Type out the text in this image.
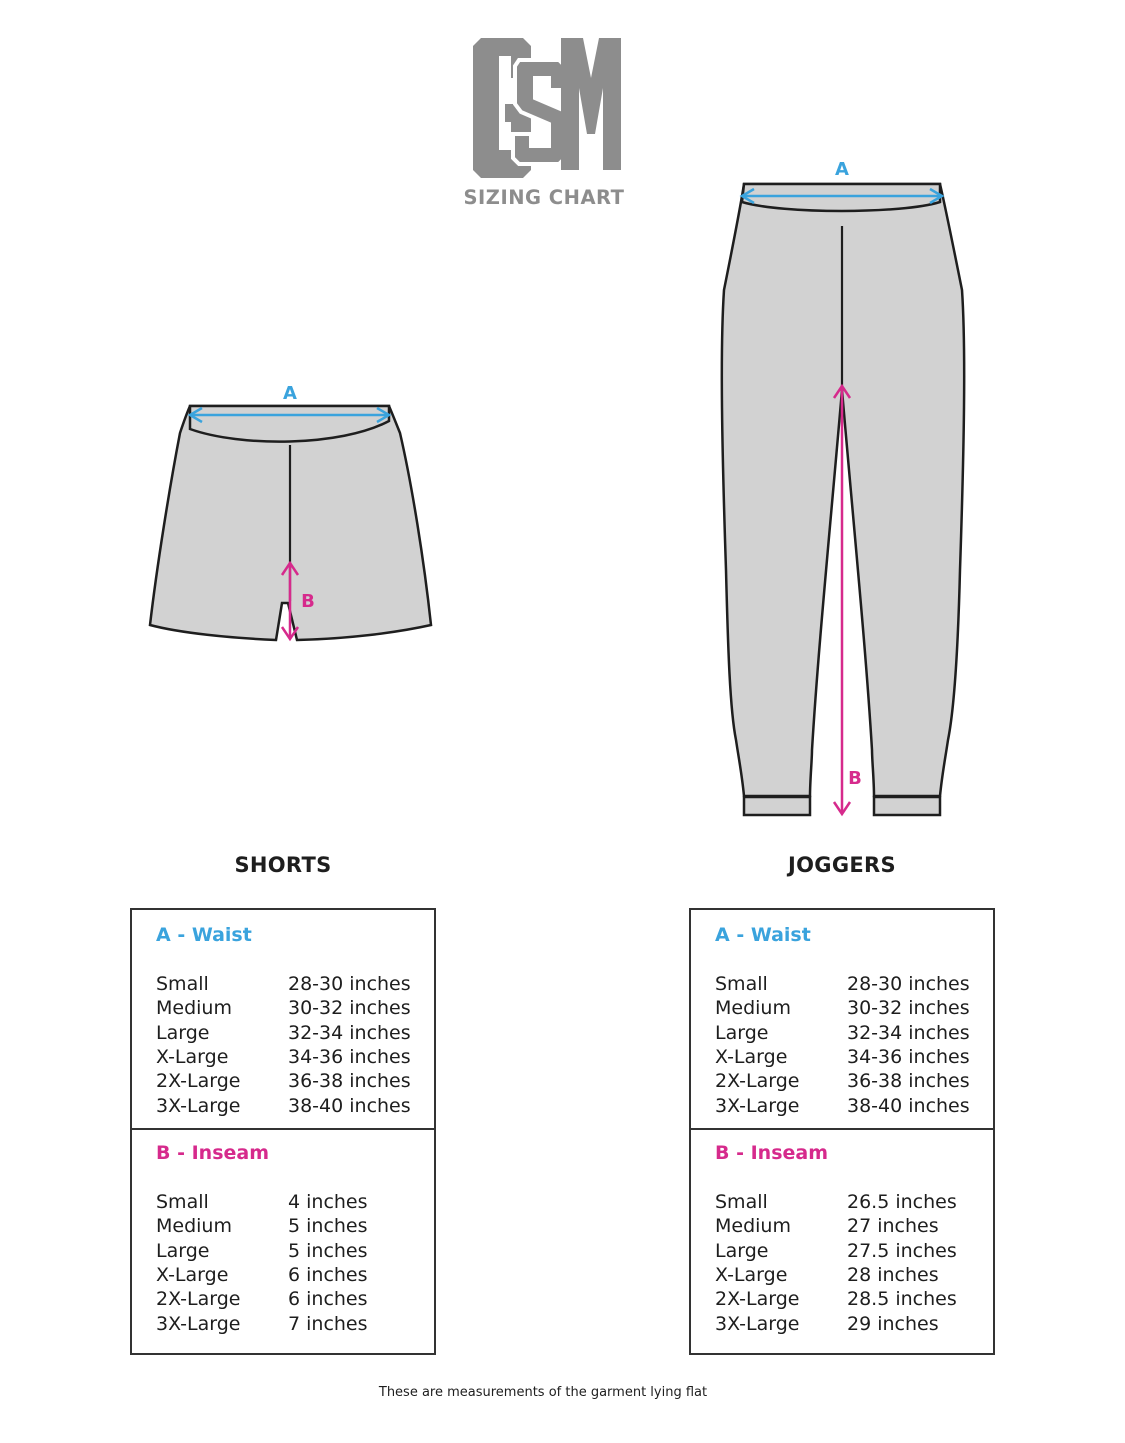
SIZING CHART
A
B
A
B
SHORTS	JOGGERS
A - Waist
Small	28-30 inches
Medium	30-32 inches
Large	32-34 inches
X-Large	34-36 inches
2X-Large	36-38 inches
3X-Large	38-40 inches
B - Inseam
Small	4 inches
Medium	5 inches
Large	5 inches
X-Large	6 inches
2X-Large	6 inches
3X-Large	7 inches
A - Waist
Small	28-30 inches
Medium	30-32 inches
Large	32-34 inches
X-Large	34-36 inches
2X-Large	36-38 inches
3X-Large	38-40 inches
B - Inseam
Small	26.5 inches
Medium	27 inches
Large	27.5 inches
X-Large	28 inches
2X-Large	28.5 inches
3X-Large	29 inches
These are measurements of the garment lying flat
